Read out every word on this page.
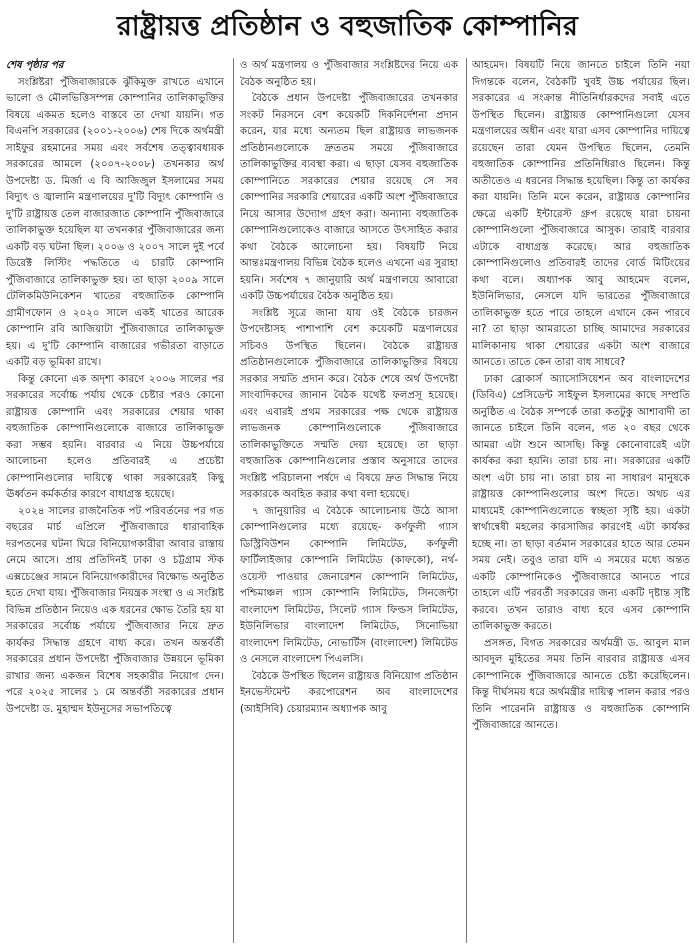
রাষ্ট্রায়ত্ত প্রতিষ্ঠান ও বহুজাতিক কোম্পানির

শেষ পৃষ্ঠার পর

সংশ্লিষ্টরা পুঁজিবাজারকে ঝুঁকিমুক্ত রাখতে এখানে ভালো ও মৌলভিত্তিসম্পন্ন কোম্পানির তালিকাভুক্তির বিষয়ে একমত হলেও বাস্তবে তা দেখা যায়নি। গত বিএনপি সরকারের (২০০১-২০০৬) শেষ দিকে অর্থমন্ত্রী সাইফুর রহমানের সময় এবং সর্বশেষ তত্ত্বাবধায়ক সরকারের আমলে (২০০৭-২০০৮) তখনকার অর্থ উপদেষ্টা ড. মির্জা এ বি আজিজুল ইসলামের সময় বিদ্যুৎ ও জ্বালানি মন্ত্রণালয়ের দু'টি বিদ্যুৎ কোম্পানি ও দু'টি রাষ্ট্রায়ত্ত তেল বাজারজাত কোম্পানি পুঁজিবাজারে তালিকাভুক্ত হয়েছিল যা তখনকার পুঁজিবাজারের জন্য একটি বড় ঘটনা ছিল। ২০০৬ ও ২০০৭ সালে দুই পর্বে ডিরেক্ট লিস্টিং পদ্ধতিতে এ চারটি কোম্পানি পুঁজিবাজারে তালিকাভুক্ত হয়। তা ছাড়া ২০০৯ সালে টেলিকমিউনিকেশন খাতের বহুজাতিক কোম্পানি গ্রামীণফোন ও ২০২০ সালে একই খাতের আরেক কোম্পানি রবি আজিয়াটা পুঁজিবাজারে তালিকাভুক্ত হয়। এ দু'টি কোম্পানি বাজারের গভীরতা বাড়াতে একটি বড় ভূমিকা রাখে।

কিন্তু কোনো এক অদৃশ্য কারণে ২০০৬ সালের পর সরকারের সর্বোচ্চ পর্যায় থেকে চেষ্টার পরও কোনো রাষ্ট্রায়ত্ত কোম্পানি এবং সরকারের শেয়ার থাকা বহুজাতিক কোম্পানিগুলোকে বাজারে তালিকাভুক্ত করা সম্ভব হয়নি। বারবার এ নিয়ে উচ্চপর্যায়ে আলোচনা হলেও প্রতিবারই এ প্রচেষ্টা কোম্পানিগুলোর দায়িত্বে থাকা সরকারেরই কিছু ঊর্ধ্বতন কর্মকর্তার কারণে বাধাগ্রস্ত হয়েছে।

২০২৪ সালের রাজনৈতিক পট পরিবর্তনের পর গত বছরের মার্চ এপ্রিলে পুঁজিবাজারে ধারাবাহিক দরপতনের ঘটনা ঘিরে বিনিয়োগকারীরা আবার রাস্তায় নেমে আসে। প্রায় প্রতিদিনই ঢাকা ও চট্টগ্রাম স্টক এক্সচেঞ্জের সামনে বিনিয়োগকারীদের বিক্ষোভ অনুষ্ঠিত হতে দেখা যায়। পুঁজিবাজার নিয়ন্ত্রক সংস্থা ও এ সংশ্লিষ্ট বিভিন্ন প্রতিষ্ঠান নিয়েও এক ধরনের ক্ষোভ তৈরি হয় যা সরকারের সর্বোচ্চ পর্যায়ে পুঁজিবাজার নিয়ে দ্রুত কার্যকর সিদ্ধান্ত গ্রহণে বাধ্য করে। তখন অন্তর্বর্তী সরকারের প্রধান উপদেষ্টা পুঁজিবাজার উন্নয়নে ভূমিকা রাখার জন্য একজন বিশেষ সহকারীর নিয়োগ দেন। পরে ২০২৫ সালের ১ মে অন্তর্বর্তী সরকারের প্রধান উপদেষ্টা ড. মুহাম্মদ ইউনূসের সভাপতিত্বে

ও অর্থ মন্ত্রণালয় ও পুঁজিবাজার সংশ্লিষ্টদের নিয়ে এক বৈঠক অনুষ্ঠিত হয়।

বৈঠকে প্রধান উপদেষ্টা পুঁজিবাজারের তখনকার সংকট নিরসনে বেশ কয়েকটি দিকনির্দেশনা প্রদান করেন, যার মধ্যে অন্যতম ছিল রাষ্ট্রায়ত্ত লাভজনক প্রতিষ্ঠানগুলোকে দ্রুততম সময়ে পুঁজিবাজারে তালিকাভুক্তির ব্যবস্থা করা। এ ছাড়া যেসব বহুজাতিক কোম্পানিতে সরকারের শেয়ার রয়েছে সে সব কোম্পানির সরকারি শেয়ারের একটি অংশ পুঁজিবাজারে নিয়ে আসার উদ্যোগ গ্রহণ করা। অন্যান্য বহুজাতিক কোম্পানিগুলোকেও বাজারে আসতে উৎসাহিত করার কথা বৈঠকে আলোচনা হয়। বিষয়টি নিয়ে আন্তঃমন্ত্রণালয় বিভিন্ন বৈঠক হলেও এখনো এর সুরাহা হয়নি। সর্বশেষ ৭ জানুয়ারি অর্থ মন্ত্রণালয়ে আবারো একটি উচ্চপর্যায়ের বৈঠক অনুষ্ঠিত হয়।

সংশ্লিষ্ট সূত্রে জানা যায় ওই বৈঠকে চারজন উপদেষ্টাসহ পাশাপাশি বেশ কয়েকটি মন্ত্রণালয়ের সচিবও উপস্থিত ছিলেন। বৈঠকে রাষ্ট্রায়ত্ত প্রতিষ্ঠানগুলোকে পুঁজিবাজারে তালিকাভুক্তির বিষয়ে সরকার সম্মতি প্রদান করে। বৈঠক শেষে অর্থ উপদেষ্টা সাংবাদিকদের জানান বৈঠক যথেষ্ট ফলপ্রসূ হয়েছে। এবং এবারই প্রথম সরকারের পক্ষ থেকে রাষ্ট্রায়ত্ত লাভজনক কোম্পানিগুলোকে পুঁজিবাজারে তালিকাভুক্তিতে সম্মতি দেয়া হয়েছে। তা ছাড়া বহুজাতিক কোম্পানিগুলোর প্রস্তাব অনুসারে তাদের সংশ্লিষ্ট পরিচালনা পর্ষদে এ বিষয়ে দ্রুত সিদ্ধান্ত নিয়ে সরকারকে অবহিত করার কথা বলা হয়েছে।

৭ জানুয়ারির এ বৈঠকে আলোচনায় উঠে আসা কোম্পানিগুলোর মধ্যে রয়েছে- কর্ণফুলী গ্যাস ডিস্ট্রিবিউশন কোম্পানি লিমিটেড, কর্ণফুলী ফার্টিলাইজার কোম্পানি লিমিটেড (কাফকো), নর্থ-ওয়েস্ট পাওয়ার জেনারেশন কোম্পানি লিমিটেড, পশ্চিমাঞ্চল গ্যাস কোম্পানি লিমিটেড, সিনজেন্টা বাংলাদেশ লিমিটেড, সিলেট গ্যাস ফিল্ডস লিমিটেড, ইউনিলিভার বাংলাদেশ লিমিটেড, সিনোভিয়া বাংলাদেশ লিমিটেড, নোভার্টিস (বাংলাদেশ) লিমিটেড ও নেসলে বাংলাদেশ পিএলসি।

বৈঠকে উপস্থিত ছিলেন রাষ্ট্রায়ত্ত বিনিয়োগ প্রতিষ্ঠান ইনভেস্টমেন্ট করপোরেশন অব বাংলাদেশের (আইসিবি) চেয়ারম্যান অধ্যাপক আবু

আহমেদ। বিষয়টি নিয়ে জানতে চাইলে তিনি নয়া দিগন্তকে বলেন, বৈঠকটি খুবই উচ্চ পর্যায়ের ছিল। সরকারের এ সংক্রান্ত নীতিনির্ধারকদের সবাই এতে উপস্থিত ছিলেন। রাষ্ট্রায়ত্ত কোম্পানিগুলো যেসব মন্ত্রণালয়ের অধীন এবং যারা এসব কোম্পানির দায়িত্বে রয়েছেন তারা যেমন উপস্থিত ছিলেন, তেমনি বহুজাতিক কোম্পানির প্রতিনিধিরাও ছিলেন। কিন্তু অতীতেও এ ধরনের সিদ্ধান্ত হয়েছিল। কিন্তু তা কার্যকর করা যায়নি। তিনি মনে করেন, রাষ্ট্রায়ত্ত কোম্পানির ক্ষেত্রে একটি ইন্টারেস্ট গ্রুপ রয়েছে যারা চায়না কোম্পানিগুলো পুঁজিবাজারে আসুক। তারাই বারবার এটাকে বাধাগ্রস্ত করেছে। আর বহুজাতিক কোম্পানিগুলোও প্রতিবারই তাদের বোর্ড মিটিংয়ের কথা বলে। অধ্যাপক আবু আহমেদ বলেন, ইউনিলিভার, নেসলে যদি ভারতের পুঁজিবাজারে তালিকাভুক্ত হতে পারে তাহলে এখানে কেন পারবে না? তা ছাড়া আমরাতো চাচ্ছি আমাদের সরকারের মালিকানায় থাকা শেয়ারের একটা অংশ বাজারে আনতে। তাতে কেন তারা বাধ সাধবে?

ঢাকা ব্রোকার্স অ্যাসোসিয়েশন অব বাংলাদেশের (ডিবিএ) প্রেসিডেন্ট সাইফুল ইসলামের কাছে সম্প্রতি অনুষ্ঠিত এ বৈঠক সম্পর্কে তারা কতটুকু আশাবাদী তা জানতে চাইলে তিনি বলেন, গত ২০ বছর থেকে আমরা এটা শুনে আসছি। কিন্তু কোনোবারেই এটা কার্যকর করা হয়নি। তারা চায় না। সরকারের একটি অংশ এটা চায় না। তারা চায় না সাধারণ মানুষকে রাষ্ট্রায়ত্ত কোম্পানিগুলোর অংশ দিতে। অথচ এর মাধ্যমেই কোম্পানিগুলোতে স্বচ্ছতা সৃষ্টি হয়। একটা স্বার্থান্বেষী মহলের কারসাজির কারণেই এটা কার্যকর হচ্ছে না। তা ছাড়া বর্তমান সরকারের হাতে আর তেমন সময় নেই। তবুও তারা যদি এ সময়ের মধ্যে অন্তত একটি কোম্পানিকেও পুঁজিবাজারে আনতে পারে তাহলে এটি পরবর্তী সরকারের জন্য একটি দৃষ্টান্ত সৃষ্টি করবে। তখন তারাও বাধ্য হবে এসব কোম্পানি তালিকাভুক্ত করতে।

প্রসঙ্গত, বিগত সরকারের অর্থমন্ত্রী ড. আবুল মাল আবদুল মুহিতের সময় তিনি বারবার রাষ্ট্রায়ত্ত এসব কোম্পানিকে পুঁজিবাজারে আনতে চেষ্টা করেছিলেন। কিন্তু দীর্ঘসময় ধরে অর্থমন্ত্রীর দায়িত্ব পালন করার পরও তিনি পারেননি রাষ্ট্রায়ত্ত ও বহুজাতিক কোম্পানি পুঁজিবাজারে আনতে।
